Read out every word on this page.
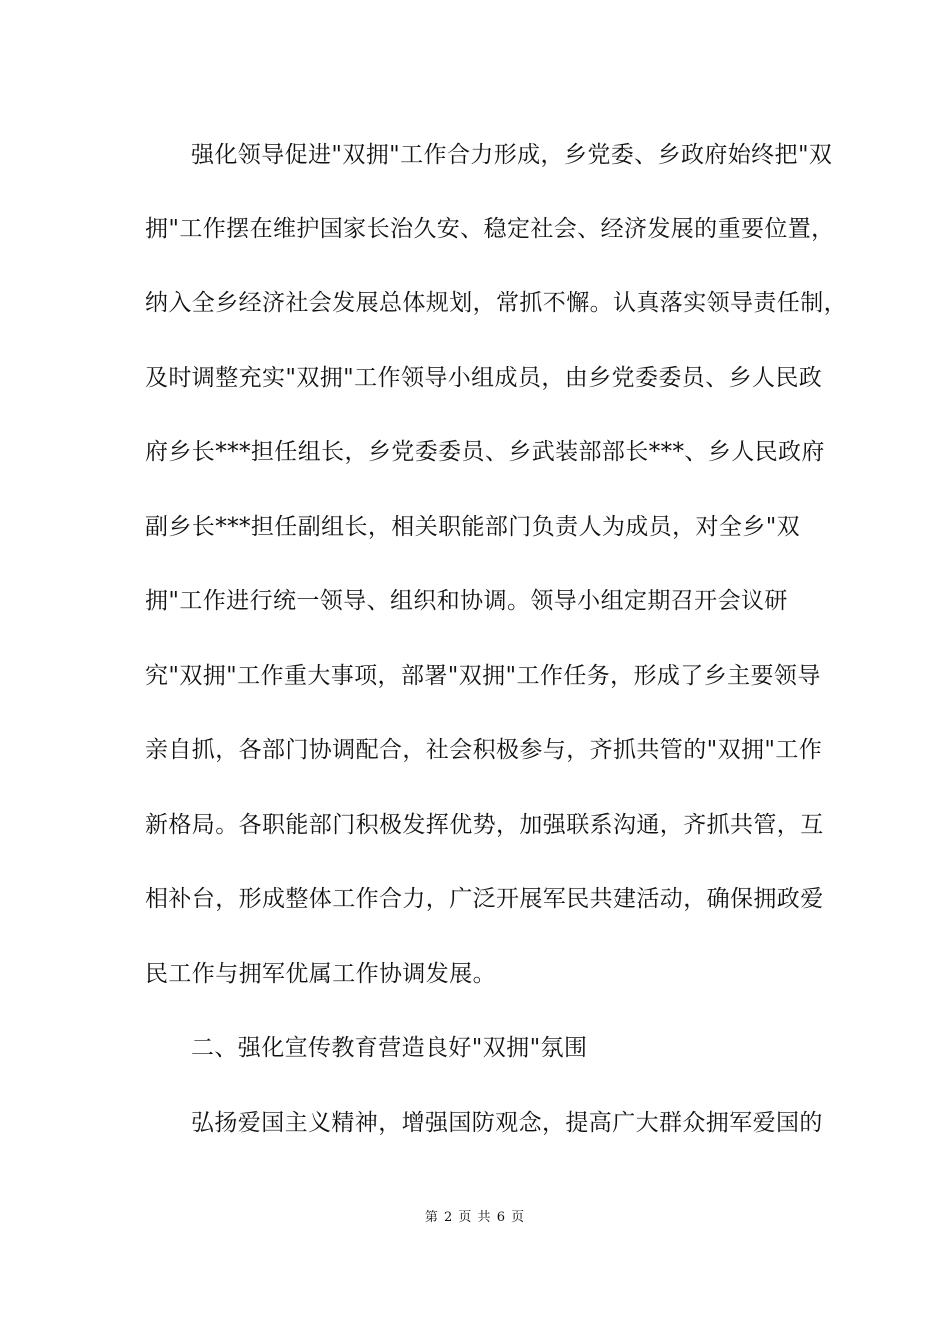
强化领导促进"双拥"工作合力形成，乡党委、乡政府始终把"双
拥"工作摆在维护国家长治久安、稳定社会、经济发展的重要位置，
纳入全乡经济社会发展总体规划，常抓不懈。认真落实领导责任制，
及时调整充实"双拥"工作领导小组成员，由乡党委委员、乡人民政
府乡长***担任组长，乡党委委员、乡武装部部长***、乡人民政府
副乡长***担任副组长，相关职能部门负责人为成员，对全乡"双
拥"工作进行统一领导、组织和协调。领导小组定期召开会议研
究"双拥"工作重大事项，部署"双拥"工作任务，形成了乡主要领导
亲自抓，各部门协调配合，社会积极参与，齐抓共管的"双拥"工作
新格局。各职能部门积极发挥优势，加强联系沟通，齐抓共管，互
相补台，形成整体工作合力，广泛开展军民共建活动，确保拥政爱
民工作与拥军优属工作协调发展。
二、强化宣传教育营造良好"双拥"氛围
弘扬爱国主义精神，增强国防观念，提高广大群众拥军爱国的
第 2 页 共 6 页
